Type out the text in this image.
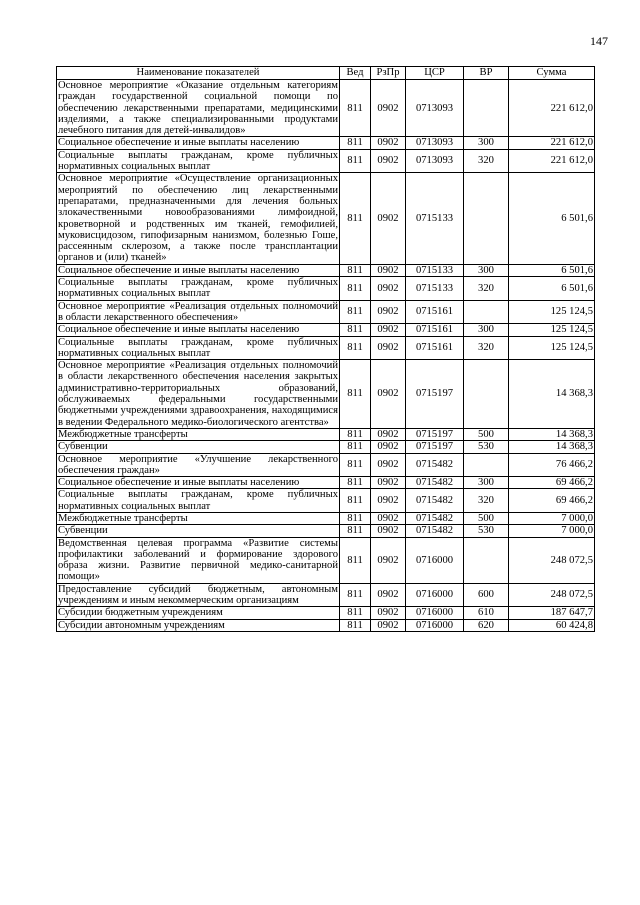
147
Наименование показателей	Вед	РзПр	ЦСР	ВР	Сумма
Основное мероприятие «Оказание отдельным категориям граждан государственной социальной помощи по обеспечению лекарственными препаратами, медицинскими изделиями, а также специализированными продуктами лечебного питания для детей-инвалидов»	811	0902	0713093		221 612,0
Социальное обеспечение и иные выплаты населению	811	0902	0713093	300	221 612,0
Социальные выплаты гражданам, кроме публичных нормативных социальных выплат	811	0902	0713093	320	221 612,0
Основное мероприятие «Осуществление организационных мероприятий по обеспечению лиц лекарственными препаратами, предназначенными для лечения больных злокачественными новообразованиями лимфоидной, кроветворной и родственных им тканей, гемофилией, муковисцидозом, гипофизарным нанизмом, болезнью Гоше, рассеянным склерозом, а также после трансплантации органов и (или) тканей»	811	0902	0715133		6 501,6
Социальное обеспечение и иные выплаты населению	811	0902	0715133	300	6 501,6
Социальные выплаты гражданам, кроме публичных нормативных социальных выплат	811	0902	0715133	320	6 501,6
Основное мероприятие «Реализация отдельных полномочий в области лекарственного обеспечения»	811	0902	0715161		125 124,5
Социальное обеспечение и иные выплаты населению	811	0902	0715161	300	125 124,5
Социальные выплаты гражданам, кроме публичных нормативных социальных выплат	811	0902	0715161	320	125 124,5
Основное мероприятие «Реализация отдельных полномочий в области лекарственного обеспечения населения закрытых административно-территориальных образований, обслуживаемых федеральными государственными бюджетными учреждениями здравоохранения, находящимися в ведении Федерального медико-биологического агентства»	811	0902	0715197		14 368,3
Межбюджетные трансферты	811	0902	0715197	500	14 368,3
Субвенции	811	0902	0715197	530	14 368,3
Основное мероприятие «Улучшение лекарственного обеспечения граждан»	811	0902	0715482		76 466,2
Социальное обеспечение и иные выплаты населению	811	0902	0715482	300	69 466,2
Социальные выплаты гражданам, кроме публичных нормативных социальных выплат	811	0902	0715482	320	69 466,2
Межбюджетные трансферты	811	0902	0715482	500	7 000,0
Субвенции	811	0902	0715482	530	7 000,0
Ведомственная целевая программа «Развитие системы профилактики заболеваний и формирование здорового образа жизни. Развитие первичной медико-санитарной помощи»	811	0902	0716000		248 072,5
Предоставление субсидий бюджетным, автономным учреждениям и иным некоммерческим организациям	811	0902	0716000	600	248 072,5
Субсидии бюджетным учреждениям	811	0902	0716000	610	187 647,7
Субсидии автономным учреждениям	811	0902	0716000	620	60 424,8
